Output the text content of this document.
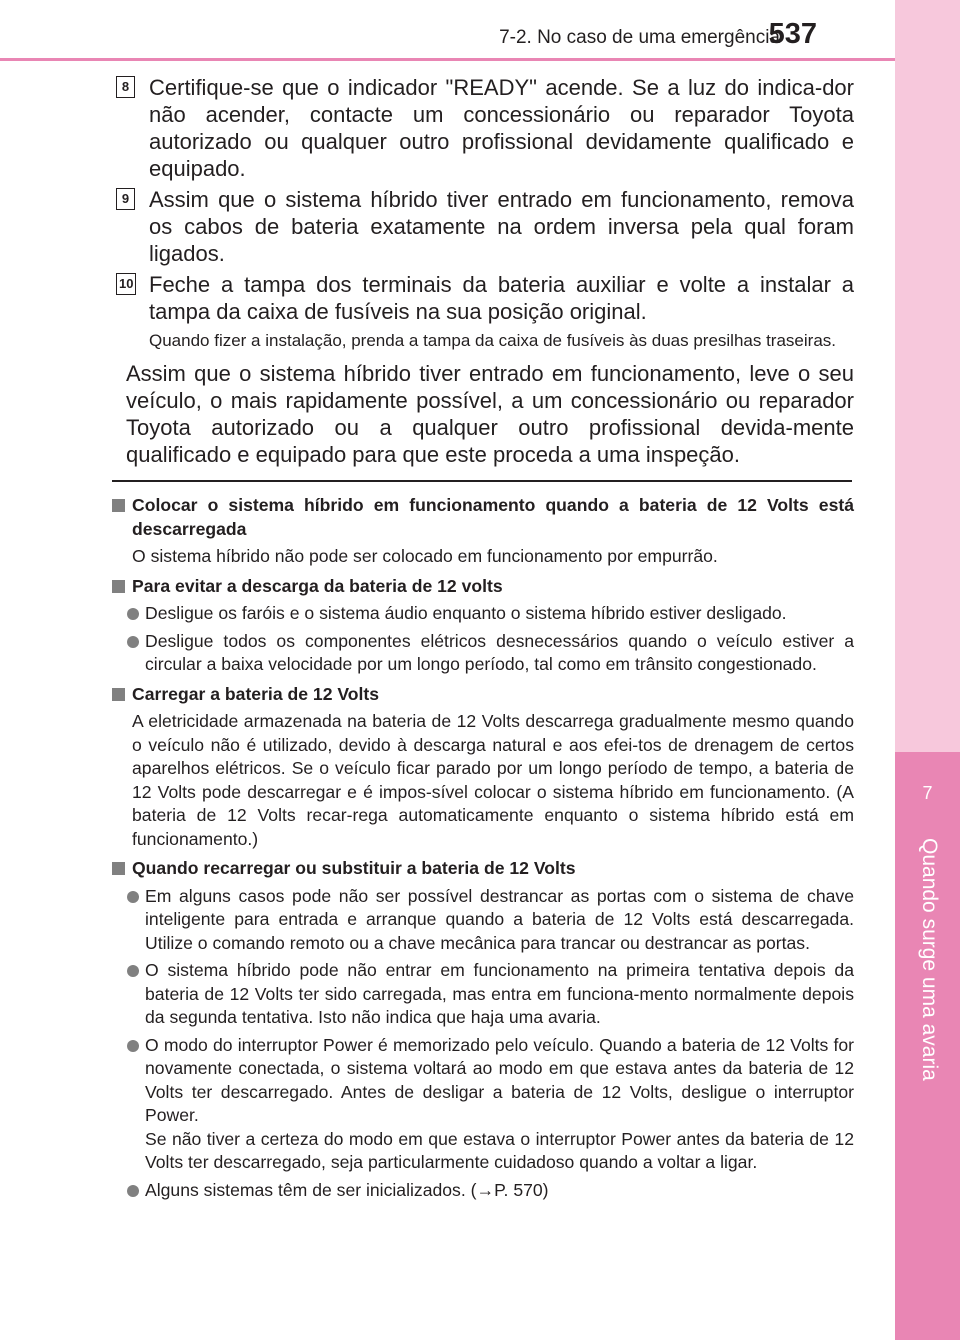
7-2. No caso de uma emergência
537
7
Quando surge uma avaria
8 Certifique-se que o indicador "READY" acende. Se a luz do indica-dor não acender, contacte um concessionário ou reparador Toyota autorizado ou qualquer outro profissional devidamente qualificado e equipado.
9 Assim que o sistema híbrido tiver entrado em funcionamento, remova os cabos de bateria exatamente na ordem inversa pela qual foram ligados.
10 Feche a tampa dos terminais da bateria auxiliar e volte a instalar a tampa da caixa de fusíveis na sua posição original.
Quando fizer a instalação, prenda a tampa da caixa de fusíveis às duas presilhas traseiras.
Assim que o sistema híbrido tiver entrado em funcionamento, leve o seu veículo, o mais rapidamente possível, a um concessionário ou reparador Toyota autorizado ou a qualquer outro profissional devida-mente qualificado e equipado para que este proceda a uma inspeção.
Colocar o sistema híbrido em funcionamento quando a bateria de 12 Volts está descarregada
O sistema híbrido não pode ser colocado em funcionamento por empurrão.
Para evitar a descarga da bateria de 12 volts
Desligue os faróis e o sistema áudio enquanto o sistema híbrido estiver desligado.
Desligue todos os componentes elétricos desnecessários quando o veículo estiver a circular a baixa velocidade por um longo período, tal como em trânsito congestionado.
Carregar a bateria de 12 Volts
A eletricidade armazenada na bateria de 12 Volts descarrega gradualmente mesmo quando o veículo não é utilizado, devido à descarga natural e aos efei-tos de drenagem de certos aparelhos elétricos. Se o veículo ficar parado por um longo período de tempo, a bateria de 12 Volts pode descarregar e é impos-sível colocar o sistema híbrido em funcionamento. (A bateria de 12 Volts recar-rega automaticamente enquanto o sistema híbrido está em funcionamento.)
Quando recarregar ou substituir a bateria de 12 Volts
Em alguns casos pode não ser possível destrancar as portas com o sistema de chave inteligente para entrada e arranque quando a bateria de 12 Volts está descarregada. Utilize o comando remoto ou a chave mecânica para trancar ou destrancar as portas.
O sistema híbrido pode não entrar em funcionamento na primeira tentativa depois da bateria de 12 Volts ter sido carregada, mas entra em funciona-mento normalmente depois da segunda tentativa. Isto não indica que haja uma avaria.
O modo do interruptor Power é memorizado pelo veículo. Quando a bateria de 12 Volts for novamente conectada, o sistema voltará ao modo em que estava antes da bateria de 12 Volts ter descarregado. Antes de desligar a bateria de 12 Volts, desligue o interruptor Power.
Se não tiver a certeza do modo em que estava o interruptor Power antes da bateria de 12 Volts ter descarregado, seja particularmente cuidadoso quando a voltar a ligar.
Alguns sistemas têm de ser inicializados. (→P. 570)
